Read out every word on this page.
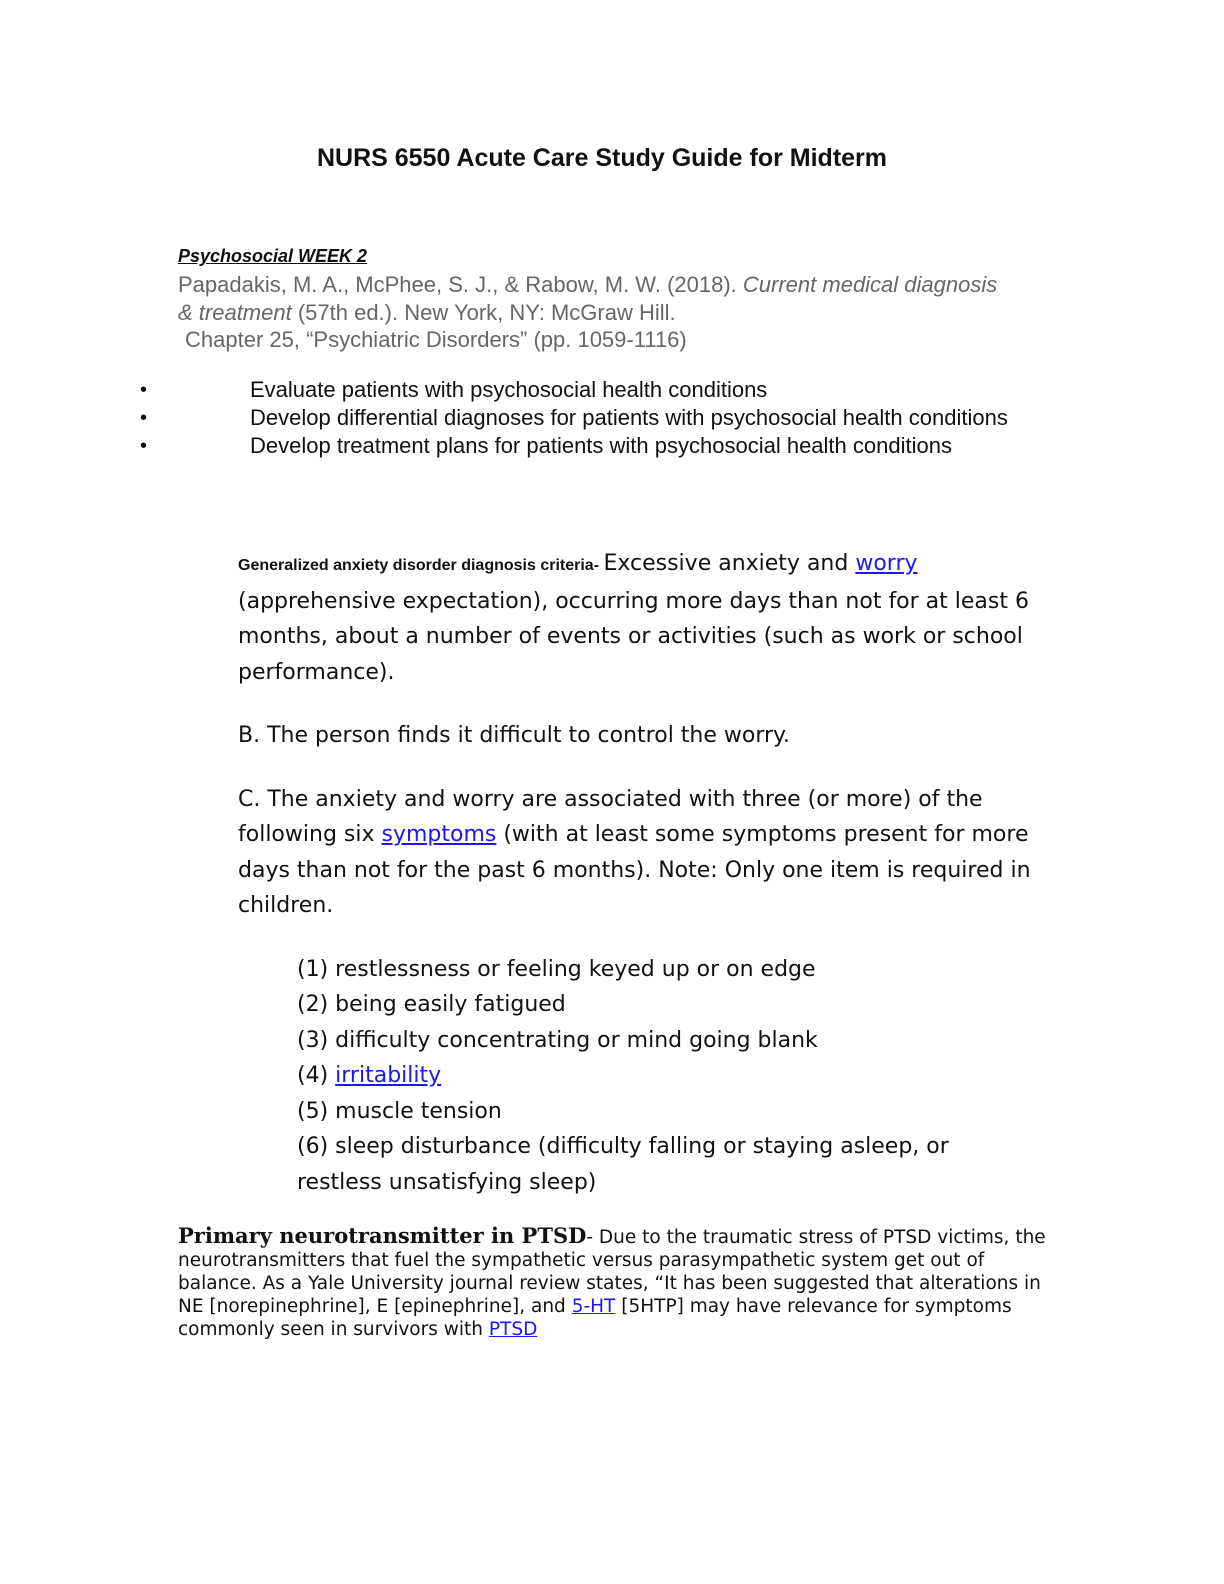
NURS 6550 Acute Care Study Guide for Midterm
Psychosocial WEEK 2
Papadakis, M. A., McPhee, S. J., & Rabow, M. W. (2018). Current medical diagnosis & treatment (57th ed.). New York, NY: McGraw Hill.
Chapter 25, “Psychiatric Disorders” (pp. 1059-1116)
•	Evaluate patients with psychosocial health conditions
•	Develop differential diagnoses for patients with psychosocial health conditions
•	Develop treatment plans for patients with psychosocial health conditions

Generalized anxiety disorder diagnosis criteria- Excessive anxiety and worry (apprehensive expectation), occurring more days than not for at least 6 months, about a number of events or activities (such as work or school performance).

B. The person finds it difficult to control the worry.

C. The anxiety and worry are associated with three (or more) of the following six symptoms (with at least some symptoms present for more days than not for the past 6 months). Note: Only one item is required in children.

(1) restlessness or feeling keyed up or on edge
(2) being easily fatigued
(3) difficulty concentrating or mind going blank
(4) irritability
(5) muscle tension
(6) sleep disturbance (difficulty falling or staying asleep, or restless unsatisfying sleep)
Primary neurotransmitter in PTSD- Due to the traumatic stress of PTSD victims, the neurotransmitters that fuel the sympathetic versus parasympathetic system get out of balance. As a Yale University journal review states, “It has been suggested that alterations in NE [norepinephrine], E [epinephrine], and 5-HT [5HTP] may have relevance for symptoms commonly seen in survivors with PTSD
